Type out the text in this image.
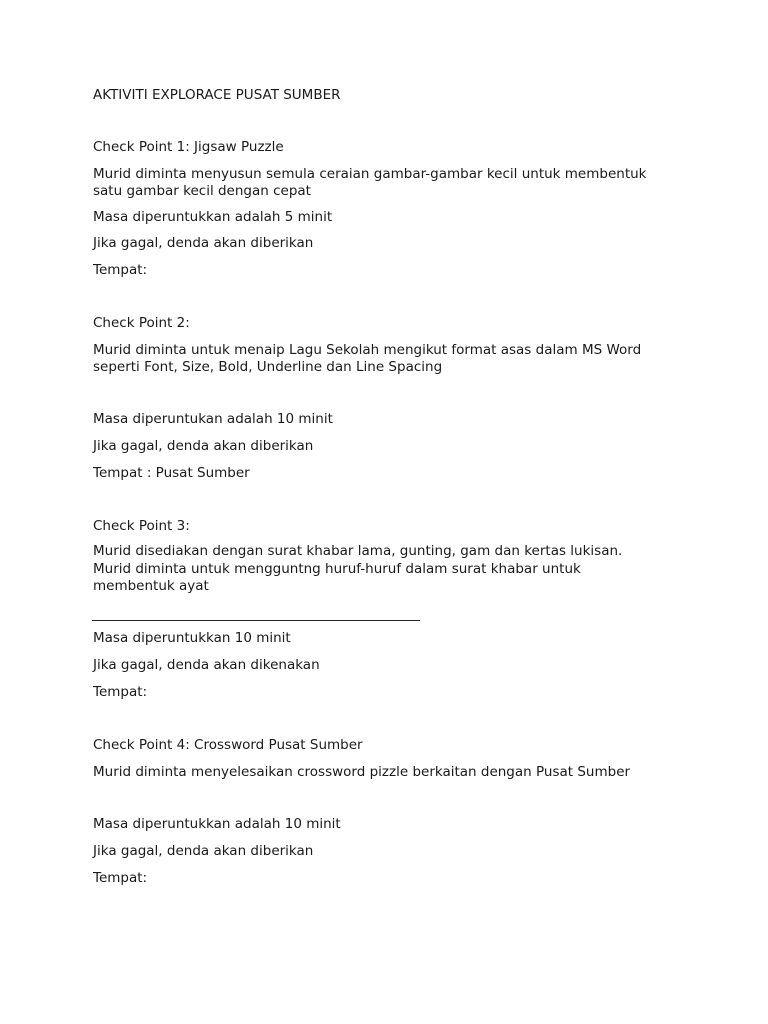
AKTIVITI EXPLORACE PUSAT SUMBER
Check Point 1: Jigsaw Puzzle
Murid diminta menyusun semula ceraian gambar-gambar kecil untuk membentuk
satu gambar kecil dengan cepat
Masa diperuntukkan adalah 5 minit
Jika gagal, denda akan diberikan
Tempat:
Check Point 2:
Murid diminta untuk menaip Lagu Sekolah mengikut format asas dalam MS Word
seperti Font, Size, Bold, Underline dan Line Spacing
Masa diperuntukan adalah 10 minit
Jika gagal, denda akan diberikan
Tempat : Pusat Sumber
Check Point 3:
Murid disediakan dengan surat khabar lama, gunting, gam dan kertas lukisan.
Murid diminta untuk mengguntng huruf-huruf dalam surat khabar untuk
membentuk ayat
Masa diperuntukkan 10 minit
Jika gagal, denda akan dikenakan
Tempat:
Check Point 4: Crossword Pusat Sumber
Murid diminta menyelesaikan crossword pizzle berkaitan dengan Pusat Sumber
Masa diperuntukkan adalah 10 minit
Jika gagal, denda akan diberikan
Tempat:
